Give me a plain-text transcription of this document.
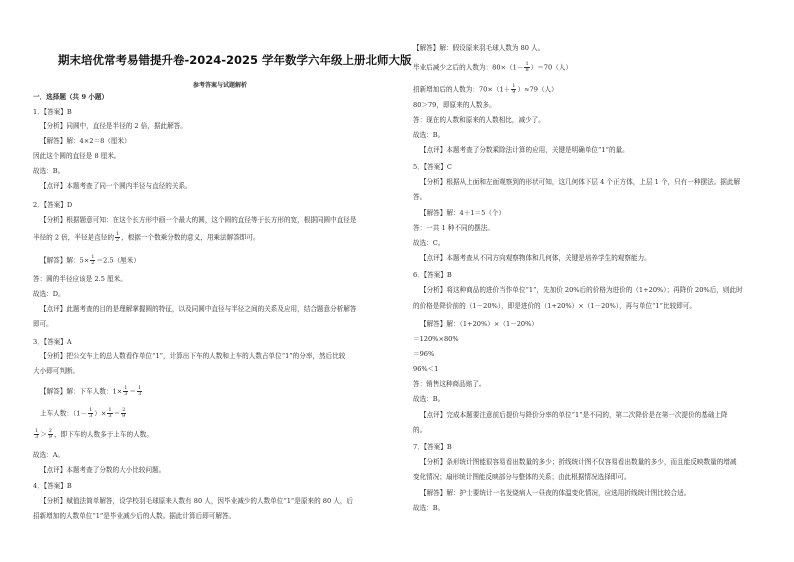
期末培优常考易错提升卷-2024-2025 学年数学六年级上册北师大版
参考答案与试题解析
一．选择题（共 9 小题）
1．【答案】B
【分析】同圆中，直径是半径的 2 倍，据此解答。
【解答】解：4×2＝8（厘米）
因此这个圆的直径是 8 厘米。
故选：B。
【点评】本题考查了同一个圆内半径与直径的关系。
2．【答案】D
【分析】根据题意可知：在这个长方形中画一个最大的圆，这个圆的直径等于长方形的宽，根据同圆中直径是
半径的 2 倍，半径是直径的 $\frac{1}{2}$ ，根据一个数乘分数的意义，用乘法解答即可。
【解答】解：$5\times \frac{1}{2} =2.5$（厘米）
答：圆的半径应该是 2.5 厘米。
故选：D。
【点评】此题考查的目的是理解掌握圆的特征，以及同圆中直径与半径之间的关系及应用，结合题意分析解答
即可。
3．【答案】A
【分析】把公交车上的总人数看作单位“1”，计算出下车的人数和上车的人数占单位“1”的分率，然后比较
大小即可判断。
【解答】解：下车人数：$1\times \frac{1}{3} = \frac{1}{3}$
上车人数：（$1- \frac{1}{3}$ ）× $\frac{1}{3} = \frac{2}{9}$
$\frac{1}{3} > \frac{2}{9}$ ，即下车的人数多于上车的人数。
故选：A。
【点评】本题考查了分数的大小比较问题。
4．【答案】B
【分析】赋值法简单解答，设学校羽毛球原来人数有 80 人，因毕业减少的人数单位“1”是原来的 80 人，后
招新增加的人数单位“1”是毕业减少后的人数。据此计算后即可解答。
【解答】解：假设原来羽毛球人数为 80 人。
毕业后减少之后的人数为：$80\times(1- \frac{1}{8} )=70$（人）
招新增加后的人数为：$70\times(1+ \frac{1}{9} )\approx 79$（人）
80＞79，即原来的人数多。
答：现在的人数和原来的人数相比，减少了。
故选：B。
【点评】本题考查了分数乘除法计算的应用，关键是明确单位“1”的量。
5．【答案】C
【分析】根据从上面和左面观察到的形状可知，这几何体下层 4 个正方体，上层 1 个，只有一种摆法。据此解
答。
【解答】解：4＋1＝5（个）
答：一共 1 种不同的摆法。
故选：C。
【点评】本题考查从不同方向观察物体和几何体，关键是培养学生的观察能力。
6．【答案】B
【分析】将这种商品的进价当作单位“1”，先加价 20%后的价格为进价的（1+20%）；再降价 20%后，则此时
的价格是降价前的（1－20%），即是进价的（1+20%）×（1－20%），再与单位“1”比较即可。
【解答】解：（1+20%）×（1－20%）
＝120%×80%
＝96%
96%＜1
答：销售这种商品赔了。
故选：B。
【点评】完成本题要注意前后提价与降价分率的单位“1”是不同的，第二次降价是在第一次提价的基础上降
的。
7．【答案】B
【分析】条形统计图能很容易看出数量的多少；折线统计图不仅容易看出数量的多少，而且能反映数量的增减
变化情况；扇形统计图能反映部分与整体的关系；由此根据情况选择即可。
【解答】解：护士要统计一名发烧病人一昼夜的体温变化情况，应选用折线统计图比较合适。
故选：B。
